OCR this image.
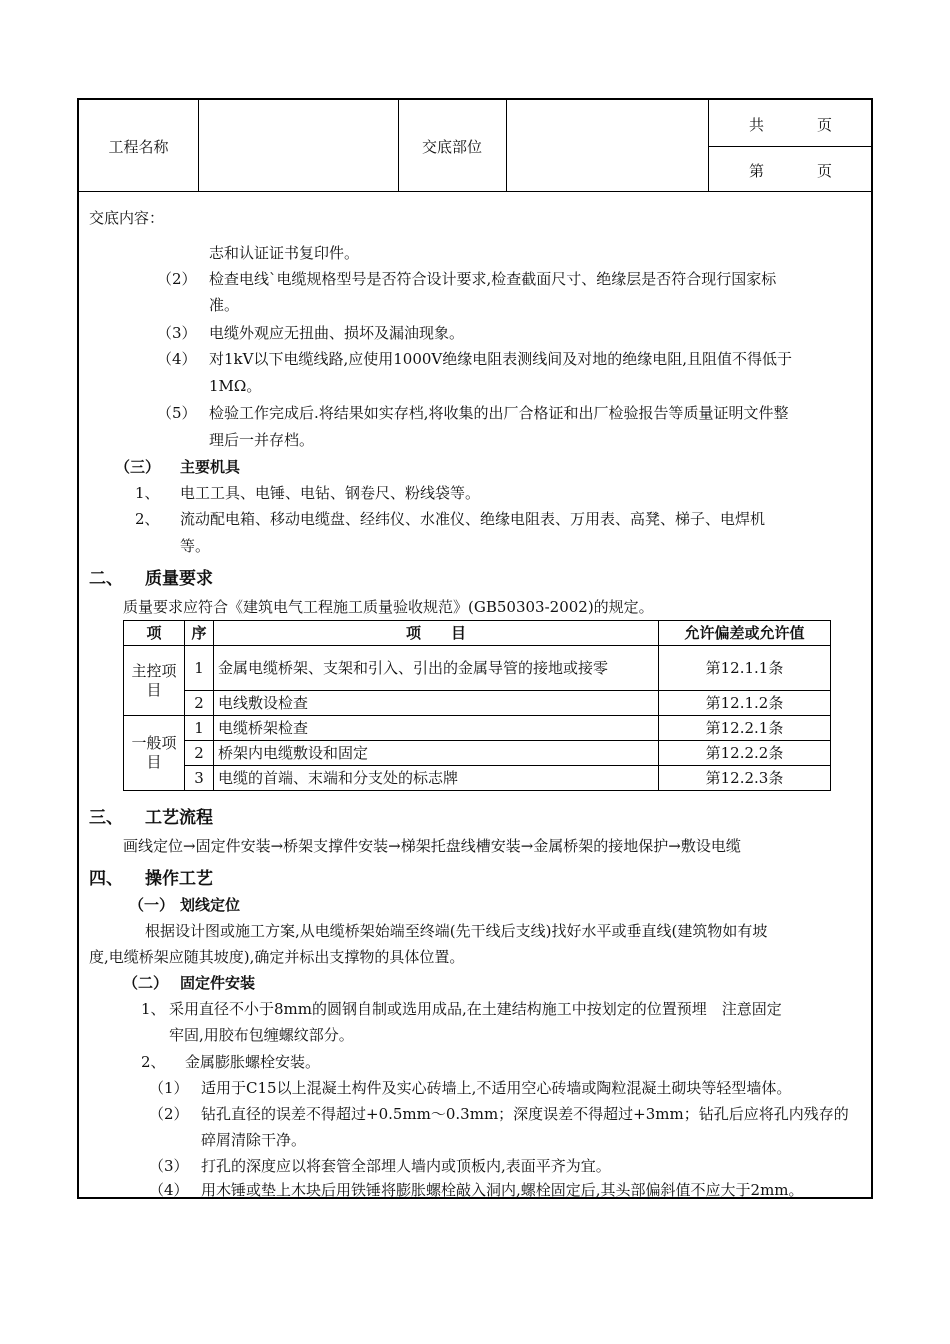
工程名称	交底部位
共	页
第	页
交底内容：
志和认证证书复印件。
（2） 检查电线`电缆规格型号是否符合设计要求,检查截面尺寸、绝缘层是否符合现行国家标
准。
（3） 电缆外观应无扭曲、损坏及漏油现象。
（4） 对1kV以下电缆线路,应使用1000V绝缘电阻表测线间及对地的绝缘电阻,且阻值不得低于
1MΩ。
（5） 检验工作完成后.将结果如实存档,将收集的出厂合格证和出厂检验报告等质量证明文件整
理后一并存档。
（三） 主要机具
1、 电工工具、电锤、电钻、钢卷尺、粉线袋等。
2、 流动配电箱、移动电缆盘、经纬仪、水准仪、绝缘电阻表、万用表、高凳、梯子、电焊机
等。
二、 质量要求
质量要求应符合《建筑电气工程施工质量验收规范》(GB50303-2002)的规定。
项	序	项　　目	允许偏差或允许值
主控项目	1	金属电缆桥架、支架和引入、引出的金属导管的接地或接零	第12.1.1条
	2	电线敷设检查	第12.1.2条
一般项目	1	电缆桥架检查	第12.2.1条
	2	桥架内电缆敷设和固定	第12.2.2条
	3	电缆的首端、末端和分支处的标志牌	第12.2.3条
三、 工艺流程
画线定位→固定件安装→桥架支撑件安装→梯架托盘线槽安装→金属桥架的接地保护→敷设电缆
四、 操作工艺
（一） 划线定位
根据设计图或施工方案,从电缆桥架始端至终端(先干线后支线)找好水平或垂直线(建筑物如有坡
度,电缆桥架应随其坡度),确定并标出支撑物的具体位置。
（二） 固定件安装
1、 采用直径不小于8mm的圆钢自制或选用成品,在土建结构施工中按划定的位置预埋　注意固定
牢固,用胶布包缠螺纹部分。
2、 金属膨胀螺栓安装。
（1） 适用于C15以上混凝土构件及实心砖墙上,不适用空心砖墙或陶粒混凝土砌块等轻型墙体。
（2） 钻孔直径的误差不得超过+0.5mm～0.3mm；深度误差不得超过+3mm；钻孔后应将孔内残存的
碎屑清除干净。
（3） 打孔的深度应以将套管全部埋人墙内或顶板内,表面平齐为宜。
（4） 用木锤或垫上木块后用铁锤将膨胀螺栓敲入洞内,螺栓固定后,其头部偏斜值不应大于2mm。
